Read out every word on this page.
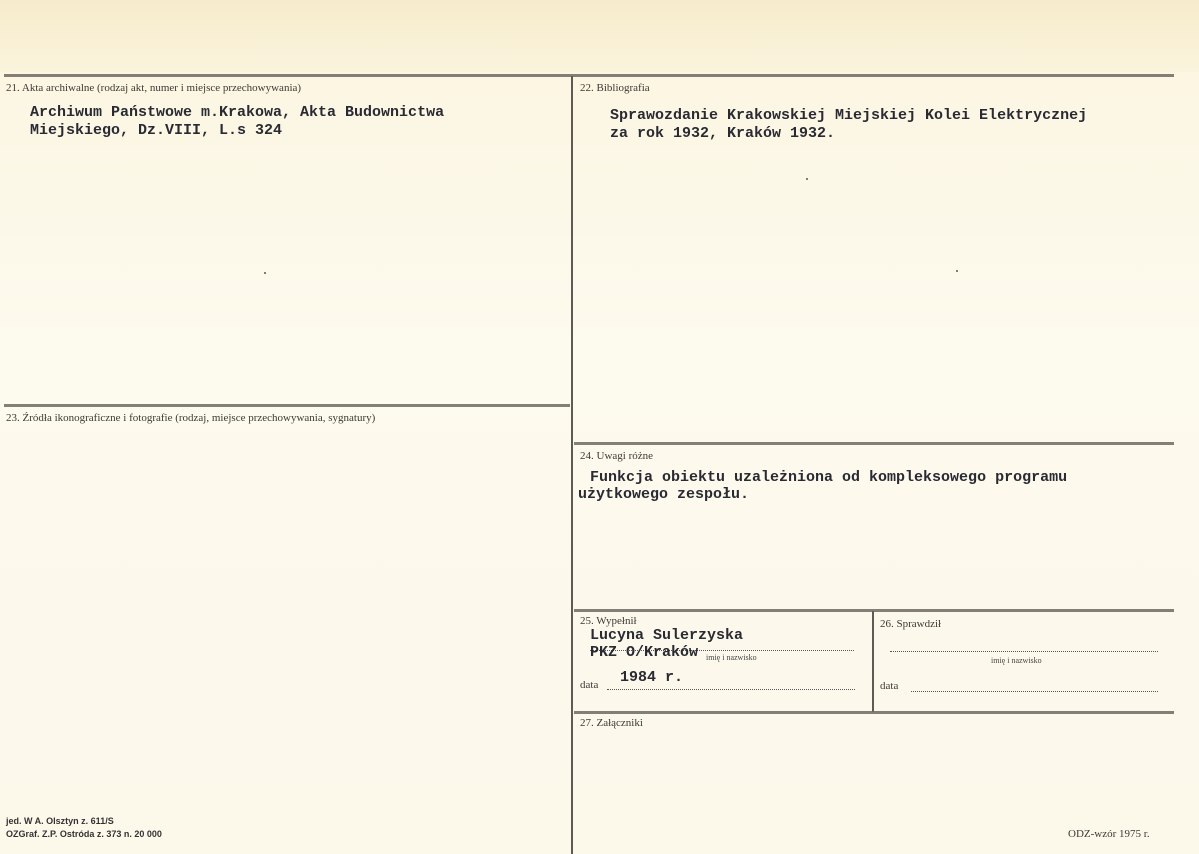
21. Akta archiwalne (rodzaj akt, numer i miejsce przechowywania)
Archiwum Państwowe m.Krakowa, Akta Budownictwa
Miejskiego, Dz.VIII, L.s 324
22. Bibliografia
Sprawozdanie Krakowskiej Miejskiej Kolei Elektrycznej
za rok 1932, Kraków 1932.
23. Źródła ikonograficzne i fotografie (rodzaj, miejsce przechowywania, sygnatury)
24. Uwagi różne
Funkcja obiektu uzależniona od kompleksowego programu
użytkowego zespołu.
25. Wypełnił
Lucyna Sulerzyska
PKZ O/Kraków imię i nazwisko
data 1984 r.
26. Sprawdził
imię i nazwisko
data
27. Załączniki
jed. W A. Olsztyn z. 611/S
OZGraf. Z.P. Ostróda z. 373 n. 20 000	ODZ-wzór 1975 r.
